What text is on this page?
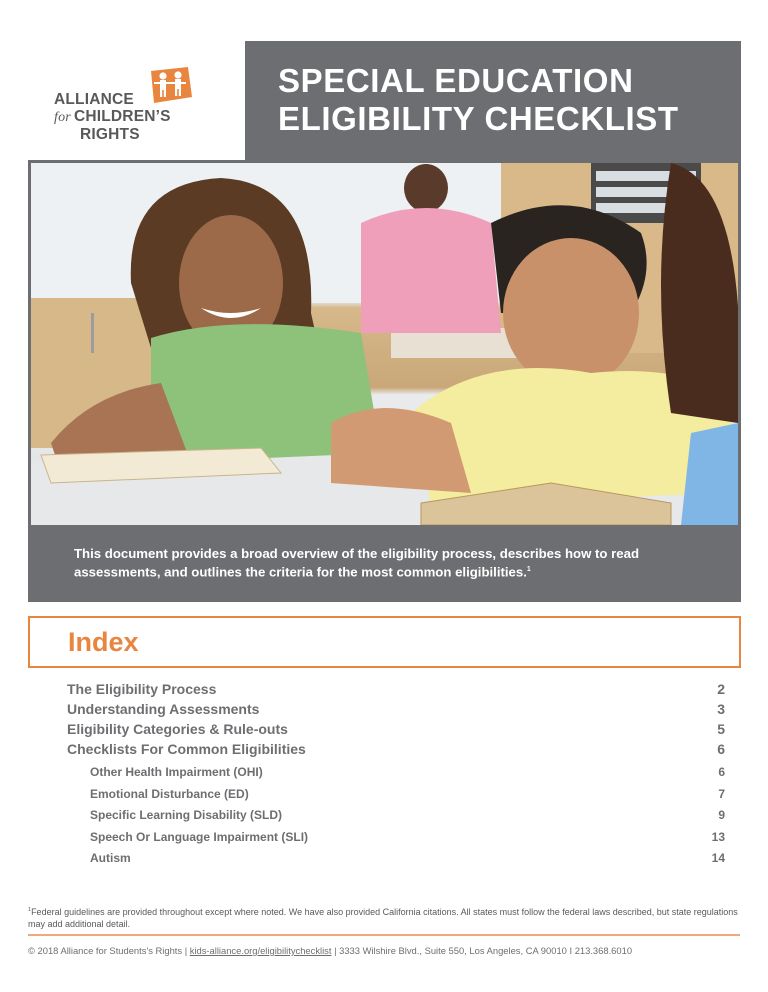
ALLIANCE
for CHILDREN’S
RIGHTS
SPECIAL EDUCATION
ELIGIBILITY CHECKLIST
This document provides a broad overview of the eligibility process, describes how to read assessments, and outlines the criteria for the most common eligibilities.$^1$
Index
The Eligibility Process	2
Understanding Assessments	3
Eligibility Categories & Rule-outs	5
Checklists For Common Eligibilities	6
Other Health Impairment (OHI)	6
Emotional Disturbance (ED)	7
Specific Learning Disability (SLD)	9
Speech Or Language Impairment (SLI)	13
Autism	14
$^1$Federal guidelines are provided throughout except where noted. We have also provided California citations. All states must follow the federal laws described, but state regulations may add additional detail.
© 2018 Alliance for Students's Rights | kids-alliance.org/eligibilitychecklist | 3333 Wilshire Blvd., Suite 550, Los Angeles, CA 90010 I 213.368.6010
